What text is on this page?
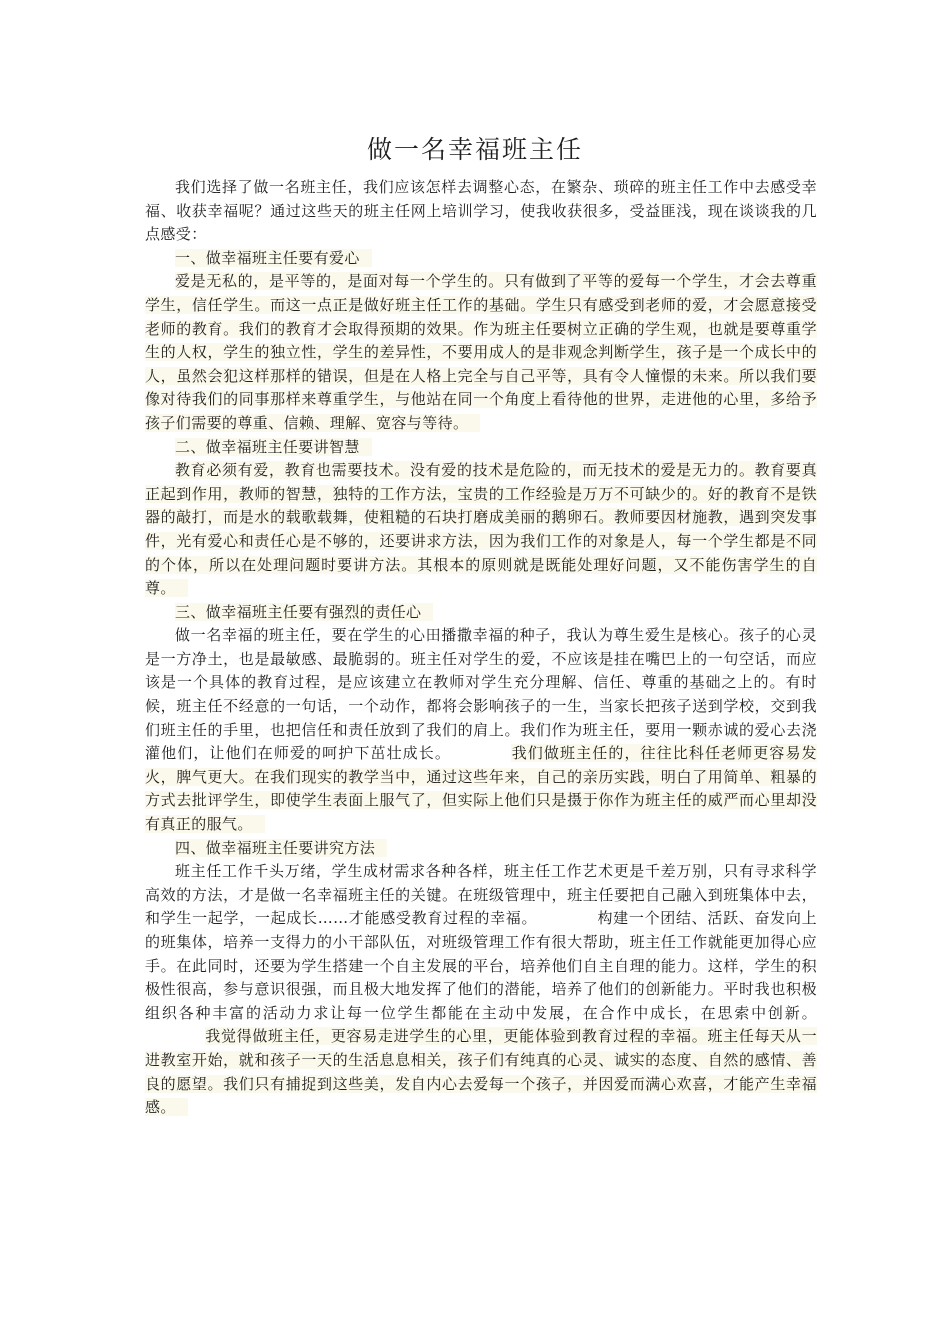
做一名幸福班主任

我们选择了做一名班主任，我们应该怎样去调整心态，在繁杂、琐碎的班主任工作中去感受幸福、收获幸福呢？通过这些天的班主任网上培训学习，使我收获很多，受益匪浅，现在谈谈我的几点感受：

一、做幸福班主任要有爱心

爱是无私的，是平等的，是面对每一个学生的。只有做到了平等的爱每一个学生，才会去尊重学生，信任学生。而这一点正是做好班主任工作的基础。学生只有感受到老师的爱，才会愿意接受老师的教育。我们的教育才会取得预期的效果。作为班主任要树立正确的学生观，也就是要尊重学生的人权，学生的独立性，学生的差异性，不要用成人的是非观念判断学生，孩子是一个成长中的人，虽然会犯这样那样的错误，但是在人格上完全与自己平等，具有令人憧憬的未来。所以我们要像对待我们的同事那样来尊重学生，与他站在同一个角度上看待他的世界，走进他的心里，多给予孩子们需要的尊重、信赖、理解、宽容与等待。

二、做幸福班主任要讲智慧

教育必须有爱，教育也需要技术。没有爱的技术是危险的，而无技术的爱是无力的。教育要真正起到作用，教师的智慧，独特的工作方法，宝贵的工作经验是万万不可缺少的。好的教育不是铁器的敲打，而是水的载歌载舞，使粗糙的石块打磨成美丽的鹅卵石。教师要因材施教，遇到突发事件，光有爱心和责任心是不够的，还要讲求方法，因为我们工作的对象是人，每一个学生都是不同的个体，所以在处理问题时要讲方法。其根本的原则就是既能处理好问题，又不能伤害学生的自尊。

三、做幸福班主任要有强烈的责任心

做一名幸福的班主任，要在学生的心田播撒幸福的种子，我认为尊生爱生是核心。孩子的心灵是一方净土，也是最敏感、最脆弱的。班主任对学生的爱，不应该是挂在嘴巴上的一句空话，而应该是一个具体的教育过程，是应该建立在教师对学生充分理解、信任、尊重的基础之上的。有时候，班主任不经意的一句话，一个动作，都将会影响孩子的一生，当家长把孩子送到学校，交到我们班主任的手里，也把信任和责任放到了我们的肩上。我们作为班主任，要用一颗赤诚的爱心去浇灌他们，让他们在师爱的呵护下茁壮成长。	我们做班主任的，往往比科任老师更容易发火，脾气更大。在我们现实的教学当中，通过这些年来，自己的亲历实践，明白了用简单、粗暴的方式去批评学生，即使学生表面上服气了，但实际上他们只是摄于你作为班主任的威严而心里却没有真正的服气。

四、做幸福班主任要讲究方法

班主任工作千头万绪，学生成材需求各种各样，班主任工作艺术更是千差万别，只有寻求科学高效的方法，才是做一名幸福班主任的关键。在班级管理中，班主任要把自己融入到班集体中去，和学生一起学，一起成长……才能感受教育过程的幸福。	构建一个团结、活跃、奋发向上的班集体，培养一支得力的小干部队伍，对班级管理工作有很大帮助，班主任工作就能更加得心应手。在此同时，还要为学生搭建一个自主发展的平台，培养他们自主自理的能力。这样，学生的积极性很高，参与意识很强，而且极大地发挥了他们的潜能，培养了他们的创新能力。平时我也积极组织各种丰富的活动力求让每一位学生都能在主动中发展，在合作中成长，在思索中创新。我觉得做班主任，更容易走进学生的心里，更能体验到教育过程的幸福。班主任每天从一进教室开始，就和孩子一天的生活息息相关，孩子们有纯真的心灵、诚实的态度、自然的感情、善良的愿望。我们只有捕捉到这些美，发自内心去爱每一个孩子，并因爱而满心欢喜，才能产生幸福感。
